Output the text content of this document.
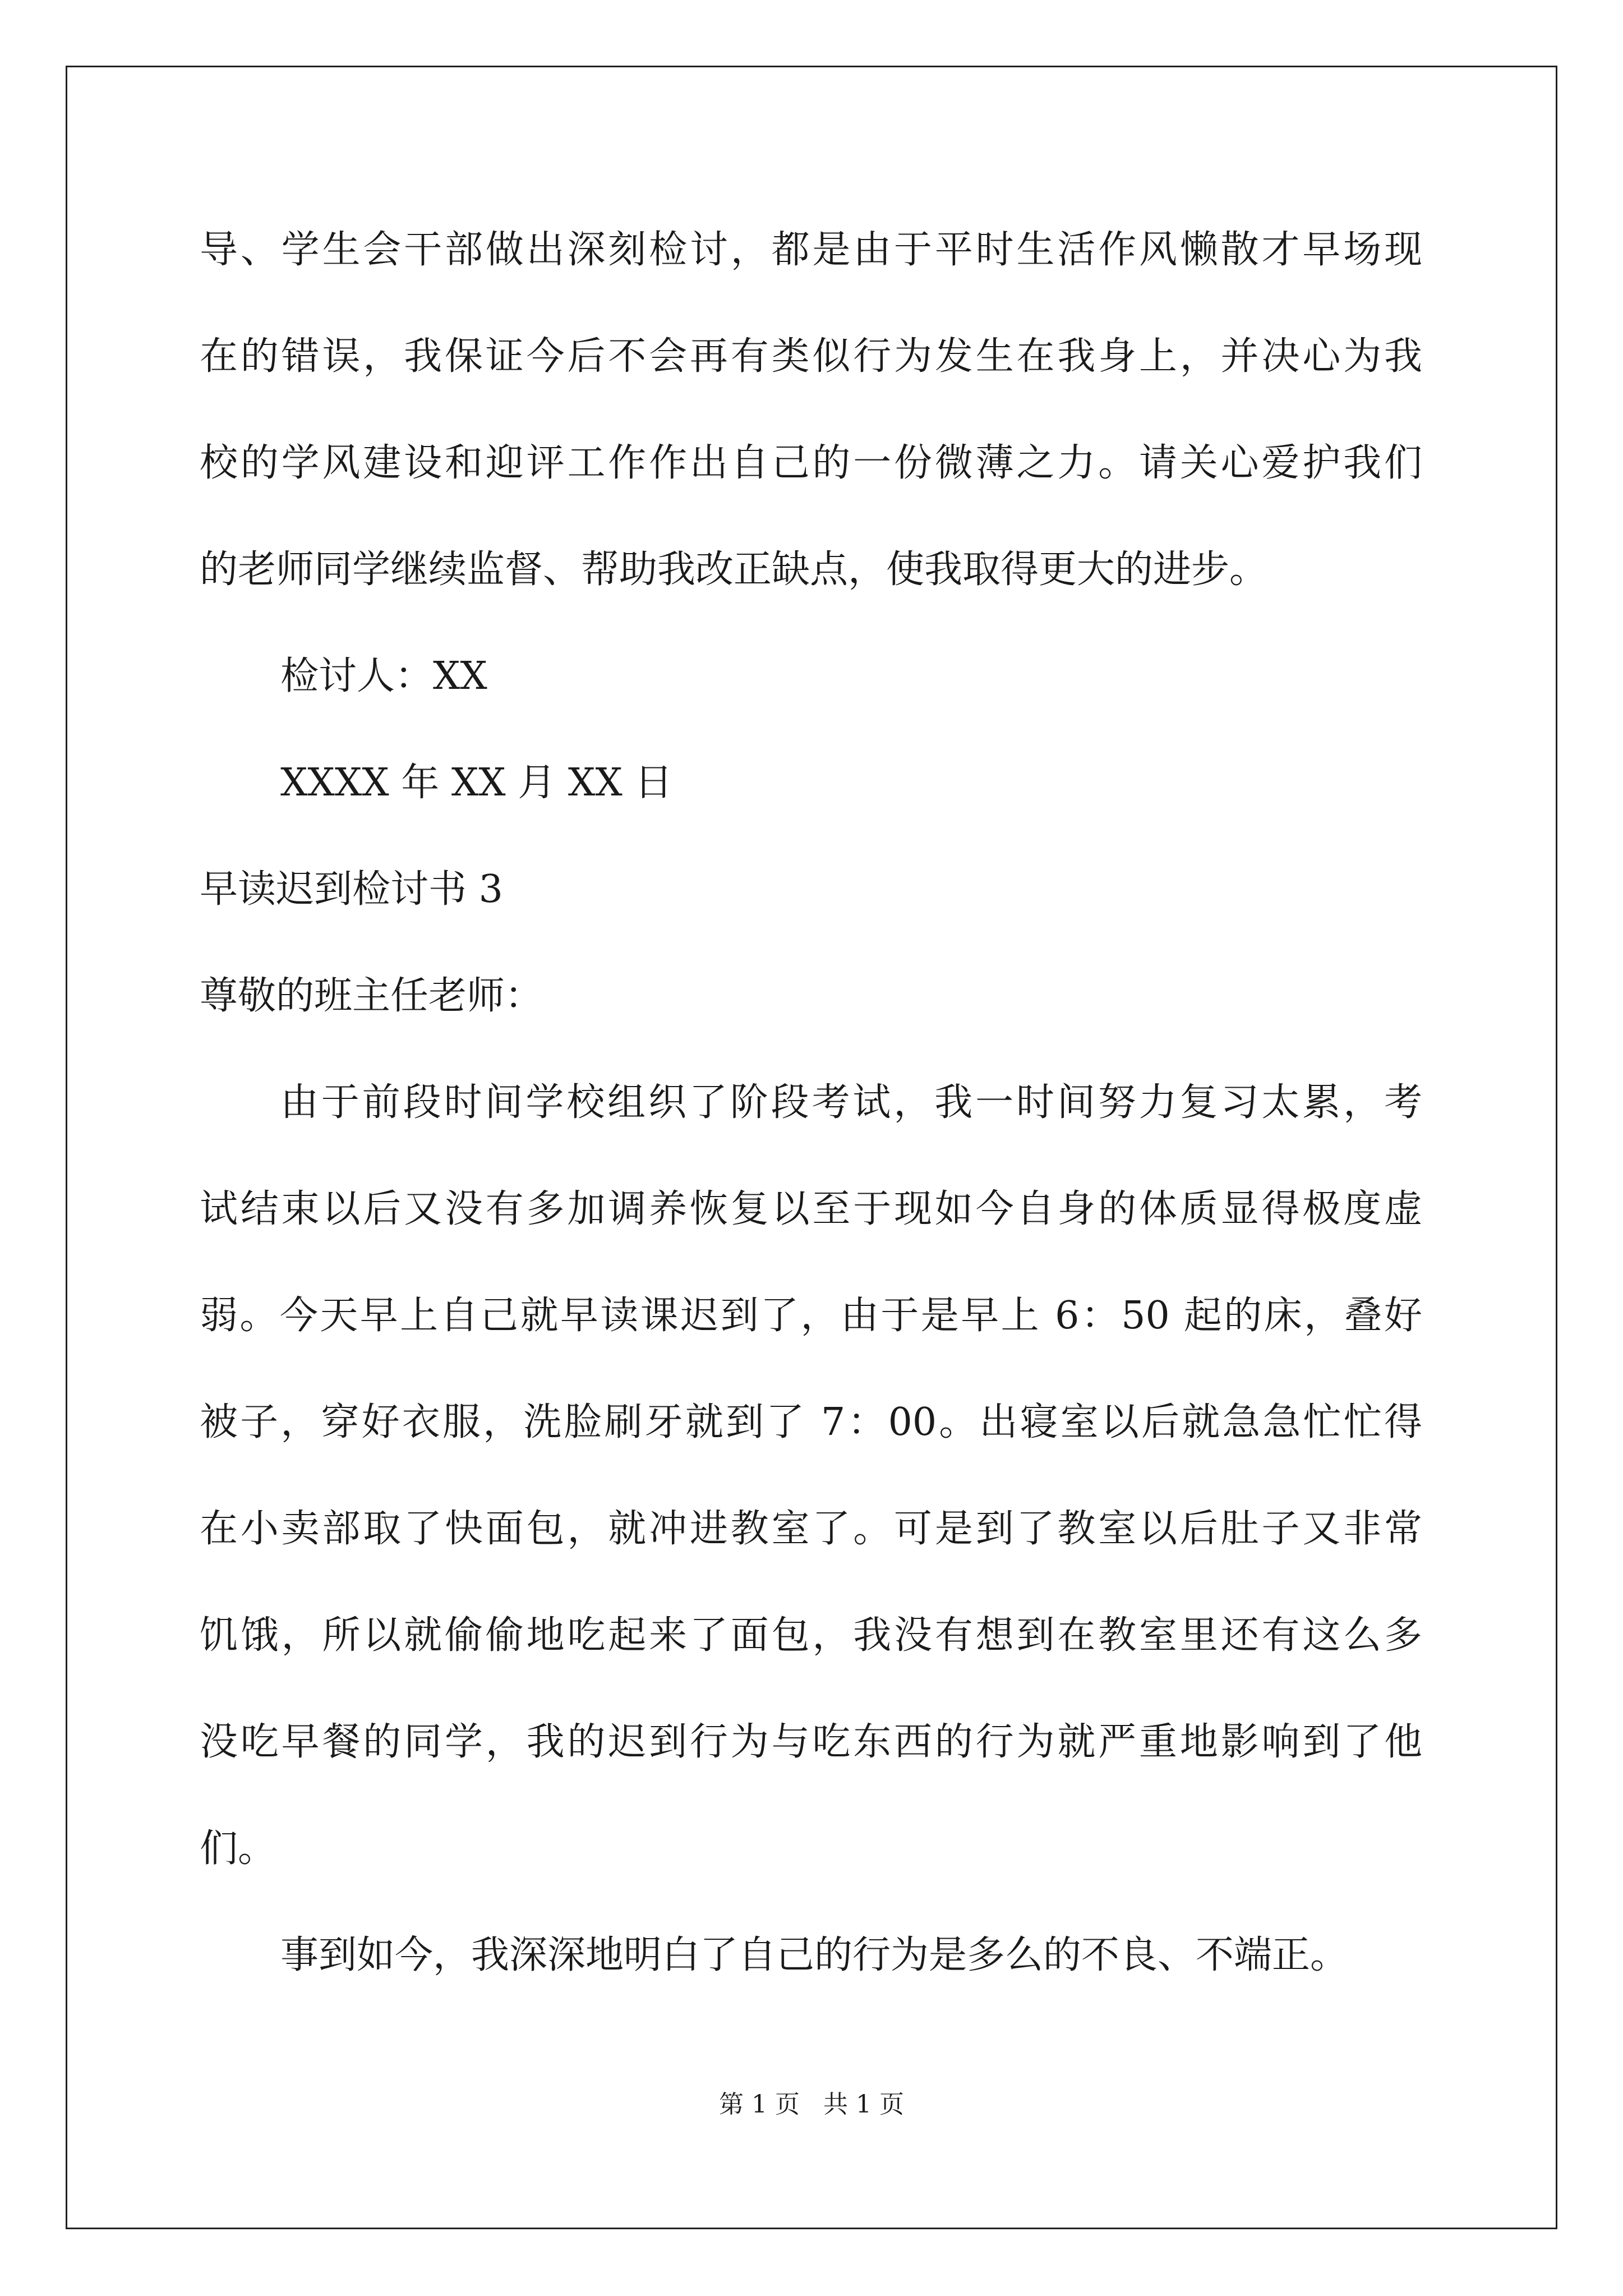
导、学生会干部做出深刻检讨，都是由于平时生活作风懒散才早场现
在的错误，我保证今后不会再有类似行为发生在我身上，并决心为我
校的学风建设和迎评工作作出自己的一份微薄之力。请关心爱护我们
的老师同学继续监督、帮助我改正缺点，使我取得更大的进步。
检讨人：XX
XXXX 年 XX 月 XX 日
早读迟到检讨书 3
尊敬的班主任老师：
由于前段时间学校组织了阶段考试，我一时间努力复习太累，考
试结束以后又没有多加调养恢复以至于现如今自身的体质显得极度虚
弱。今天早上自己就早读课迟到了，由于是早上 6：50 起的床，叠好
被子，穿好衣服，洗脸刷牙就到了 7：00。出寝室以后就急急忙忙得
在小卖部取了快面包，就冲进教室了。可是到了教室以后肚子又非常
饥饿，所以就偷偷地吃起来了面包，我没有想到在教室里还有这么多
没吃早餐的同学，我的迟到行为与吃东西的行为就严重地影响到了他
们。
事到如今，我深深地明白了自己的行为是多么的不良、不端正。
第 1 页   共 1 页
